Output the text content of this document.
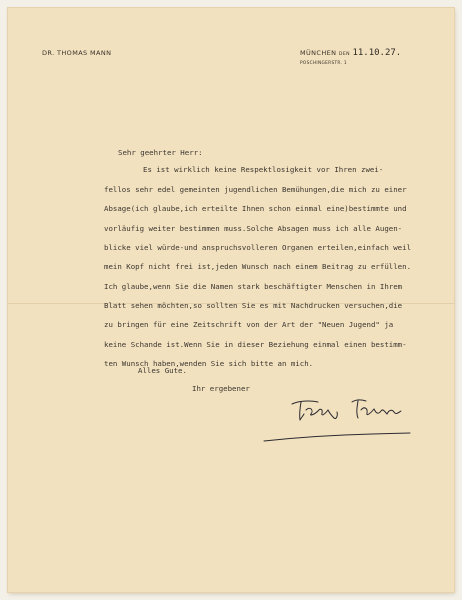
DR. THOMAS MANN	MÜNCHEN DEN 11.10.27.
POSCHINGERSTR. 1
Sehr geehrter Herr:

Es ist wirklich keine Respektlosigkeit vor Ihren zwei-

fellos sehr edel gemeinten jugendlichen Bemühungen,die mich zu einer

Absage(ich glaube,ich erteilte Ihnen schon einmal eine)bestimmte und

vorläufig weiter bestimmen muss.Solche Absagen muss ich alle Augen-

blicke viel würde-und anspruchsvolleren Organen erteilen,einfach weil

mein Kopf nicht frei ist,jeden Wunsch nach einem Beitrag zu erfüllen.

Ich glaube,wenn Sie die Namen stark beschäftigter Menschen in Ihrem

Blatt sehen möchten,so sollten Sie es mit Nachdrucken versuchen,die

zu bringen für eine Zeitschrift von der Art der "Neuen Jugend" ja

keine Schande ist.Wenn Sie in dieser Beziehung einmal einen bestimm-

ten Wunsch haben,wenden Sie sich bitte an mich.

Alles Gute.
Ihr ergebener
